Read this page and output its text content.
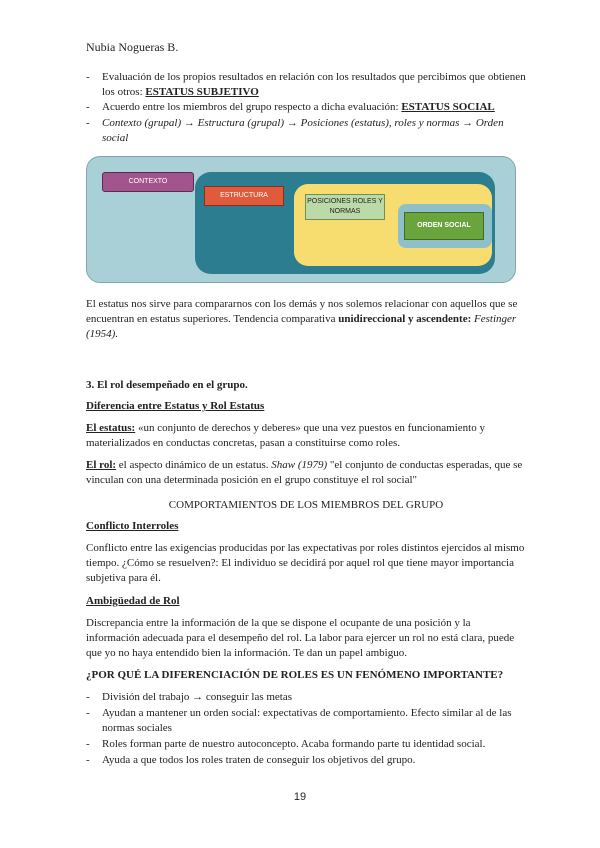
Nubia Nogueras B.
- Evaluación de los propios resultados en relación con los resultados que percibimos que obtienen los otros: ESTATUS SUBJETIVO
- Acuerdo entre los miembros del grupo respecto a dicha evaluación: ESTATUS SOCIAL
- Contexto (grupal) → Estructura (grupal) → Posiciones (estatus), roles y normas → Orden social
CONTEXTO
ESTRUCTURA
POSICIONES ROLES Y NORMAS
ORDEN SOCIAL
El estatus nos sirve para compararnos con los demás y nos solemos relacionar con aquellos que se encuentran en estatus superiores. Tendencia comparativa unidireccional y ascendente: Festinger (1954).
3. El rol desempeñado en el grupo.
Diferencia entre Estatus y Rol Estatus
El estatus: «un conjunto de derechos y deberes» que una vez puestos en funcionamiento y materializados en conductas concretas, pasan a constituirse como roles.
El rol: el aspecto dinámico de un estatus. Shaw (1979) "el conjunto de conductas esperadas, que se vinculan con una determinada posición en el grupo constituye el rol social"
COMPORTAMIENTOS DE LOS MIEMBROS DEL GRUPO
Conflicto Interroles
Conflicto entre las exigencias producidas por las expectativas por roles distintos ejercidos al mismo tiempo. ¿Cómo se resuelven?: El individuo se decidirá por aquel rol que tiene mayor importancia subjetiva para él.
Ambigüedad de Rol
Discrepancia entre la información de la que se dispone el ocupante de una posición y la información adecuada para el desempeño del rol. La labor para ejercer un rol no está clara, puede que yo no haya entendido bien la información. Te dan un papel ambiguo.
¿POR QUÉ LA DIFERENCIACIÓN DE ROLES ES UN FENÓMENO IMPORTANTE?
- División del trabajo → conseguir las metas
- Ayudan a mantener un orden social: expectativas de comportamiento. Efecto similar al de las normas sociales
- Roles forman parte de nuestro autoconcepto. Acaba formando parte tu identidad social.
- Ayuda a que todos los roles traten de conseguir los objetivos del grupo.
19
